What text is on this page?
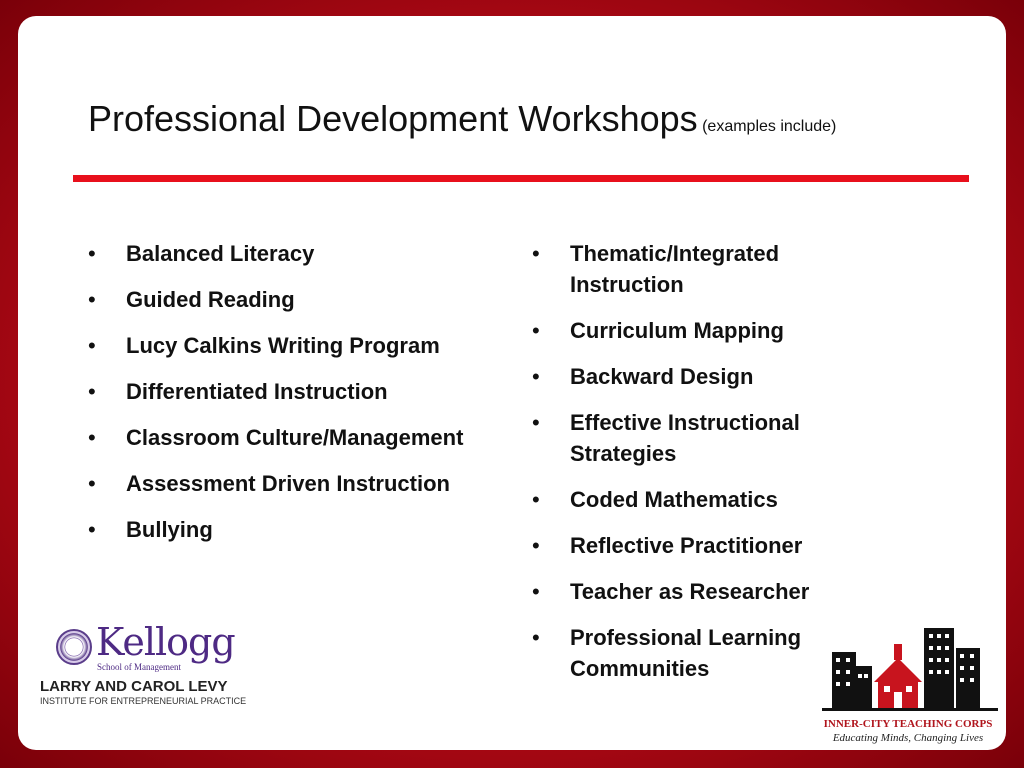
Professional Development Workshops (examples include)
• Balanced Literacy
• Guided Reading
• Lucy Calkins Writing Program
• Differentiated Instruction
• Classroom Culture/Management
• Assessment Driven Instruction
• Bullying
• Thematic/Integrated Instruction
• Curriculum Mapping
• Backward Design
• Effective Instructional Strategies
• Coded Mathematics
• Reflective Practitioner
• Teacher as Researcher
• Professional Learning Communities
Kellogg
School of Management
LARRY AND CAROL LEVY
INSTITUTE FOR ENTREPRENEURIAL PRACTICE
INNER-CITY TEACHING CORPS
Educating Minds, Changing Lives
